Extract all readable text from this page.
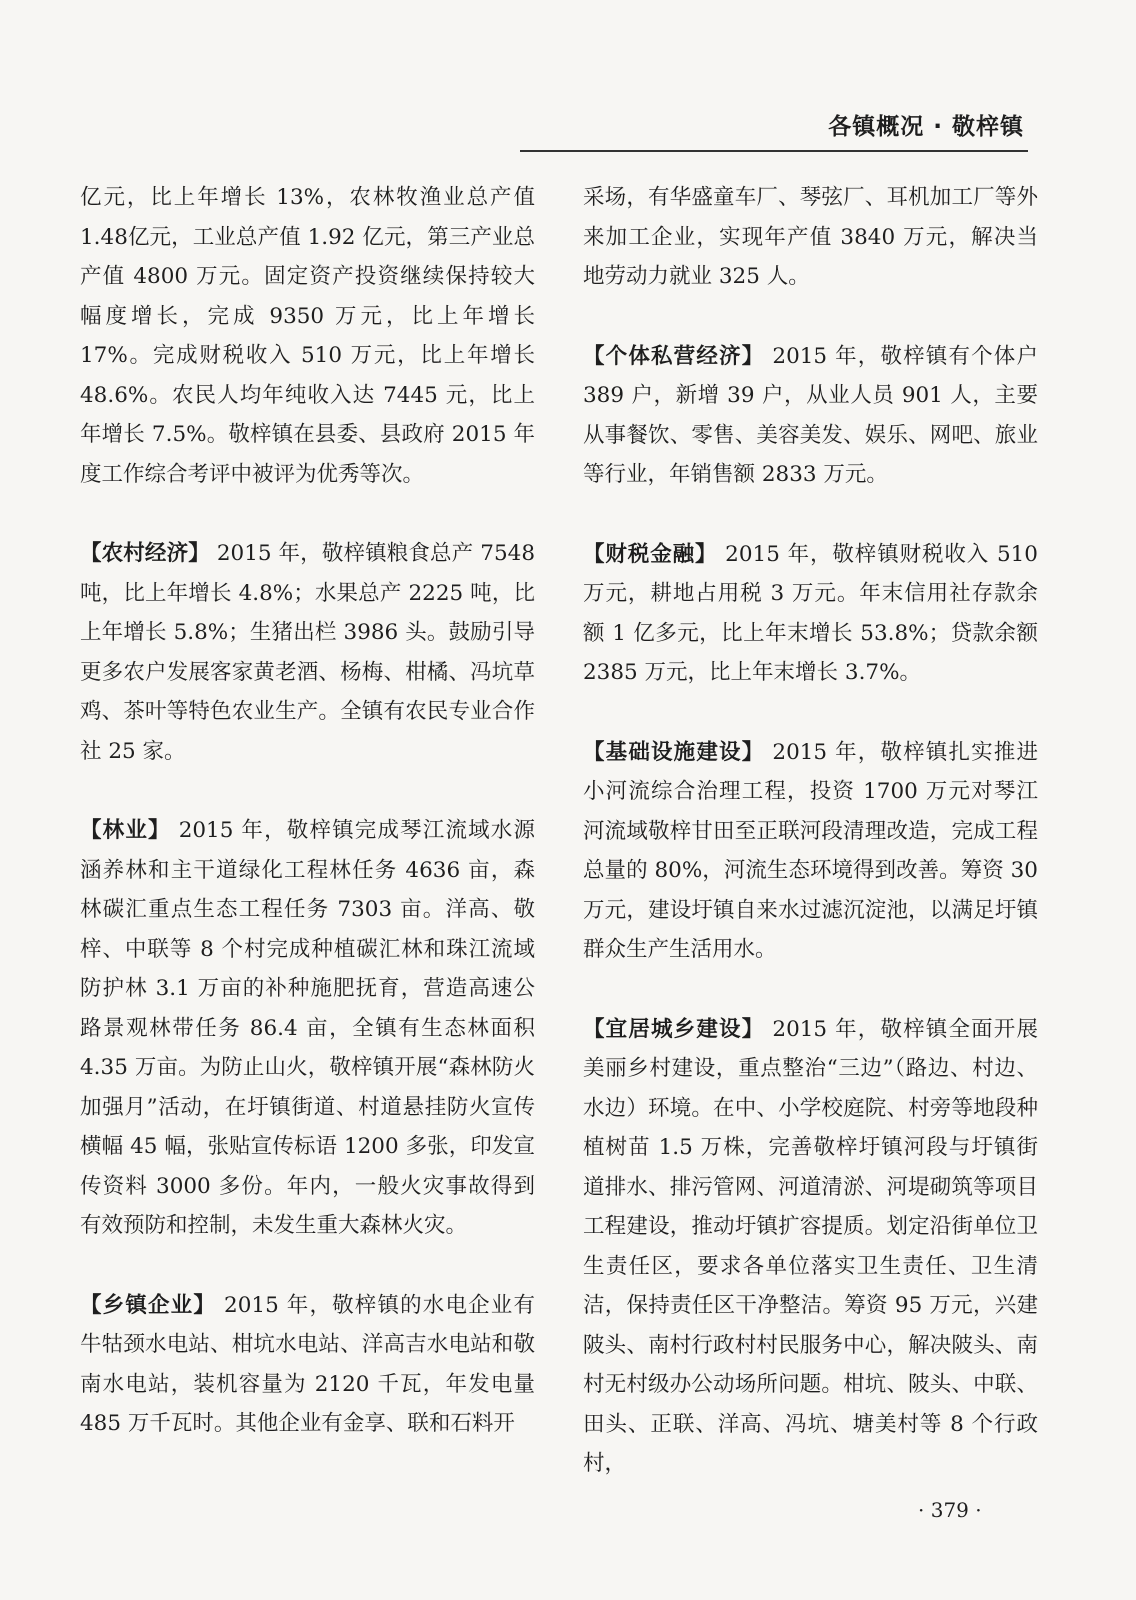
各镇概况 · 敬梓镇

亿元，比上年增长 13%，农林牧渔业总产值 1.48亿元，工业总产值 1.92 亿元，第三产业总产值 4800 万元。固定资产投资继续保持较大幅度增长，完成 9350 万元，比上年增长 17%。完成财税收入 510 万元，比上年增长 48.6%。农民人均年纯收入达 7445 元，比上年增长 7.5%。敬梓镇在县委、县政府 2015 年度工作综合考评中被评为优秀等次。

【农村经济】 2015 年，敬梓镇粮食总产 7548 吨，比上年增长 4.8%；水果总产 2225 吨，比上年增长 5.8%；生猪出栏 3986 头。鼓励引导更多农户发展客家黄老酒、杨梅、柑橘、冯坑草鸡、茶叶等特色农业生产。全镇有农民专业合作社 25 家。

【林业】 2015 年，敬梓镇完成琴江流域水源涵养林和主干道绿化工程林任务 4636 亩，森林碳汇重点生态工程任务 7303 亩。洋高、敬梓、中联等 8 个村完成种植碳汇林和珠江流域防护林 3.1 万亩的补种施肥抚育，营造高速公路景观林带任务 86.4 亩，全镇有生态林面积 4.35 万亩。为防止山火，敬梓镇开展“森林防火加强月”活动，在圩镇街道、村道悬挂防火宣传横幅 45 幅，张贴宣传标语 1200 多张，印发宣传资料 3000 多份。年内，一般火灾事故得到有效预防和控制，未发生重大森林火灾。

【乡镇企业】 2015 年，敬梓镇的水电企业有牛牯颈水电站、柑坑水电站、洋高吉水电站和敬南水电站，装机容量为 2120 千瓦，年发电量 485 万千瓦时。其他企业有金享、联和石料开

采场，有华盛童车厂、琴弦厂、耳机加工厂等外来加工企业，实现年产值 3840 万元，解决当地劳动力就业 325 人。

【个体私营经济】 2015 年，敬梓镇有个体户 389 户，新增 39 户，从业人员 901 人，主要从事餐饮、零售、美容美发、娱乐、网吧、旅业等行业，年销售额 2833 万元。

【财税金融】 2015 年，敬梓镇财税收入 510 万元，耕地占用税 3 万元。年末信用社存款余额 1 亿多元，比上年末增长 53.8%；贷款余额 2385 万元，比上年末增长 3.7%。

【基础设施建设】 2015 年，敬梓镇扎实推进小河流综合治理工程，投资 1700 万元对琴江河流域敬梓甘田至正联河段清理改造，完成工程总量的 80%，河流生态环境得到改善。筹资 30 万元，建设圩镇自来水过滤沉淀池，以满足圩镇群众生产生活用水。

【宜居城乡建设】 2015 年，敬梓镇全面开展美丽乡村建设，重点整治“三边”（路边、村边、水边）环境。在中、小学校庭院、村旁等地段种植树苗 1.5 万株，完善敬梓圩镇河段与圩镇街道排水、排污管网、河道清淤、河堤砌筑等项目工程建设，推动圩镇扩容提质。划定沿街单位卫生责任区，要求各单位落实卫生责任、卫生清洁，保持责任区干净整洁。筹资 95 万元，兴建陂头、南村行政村村民服务中心，解决陂头、南村无村级办公动场所问题。柑坑、陂头、中联、田头、正联、洋高、冯坑、塘美村等 8 个行政村，

· 379 ·
